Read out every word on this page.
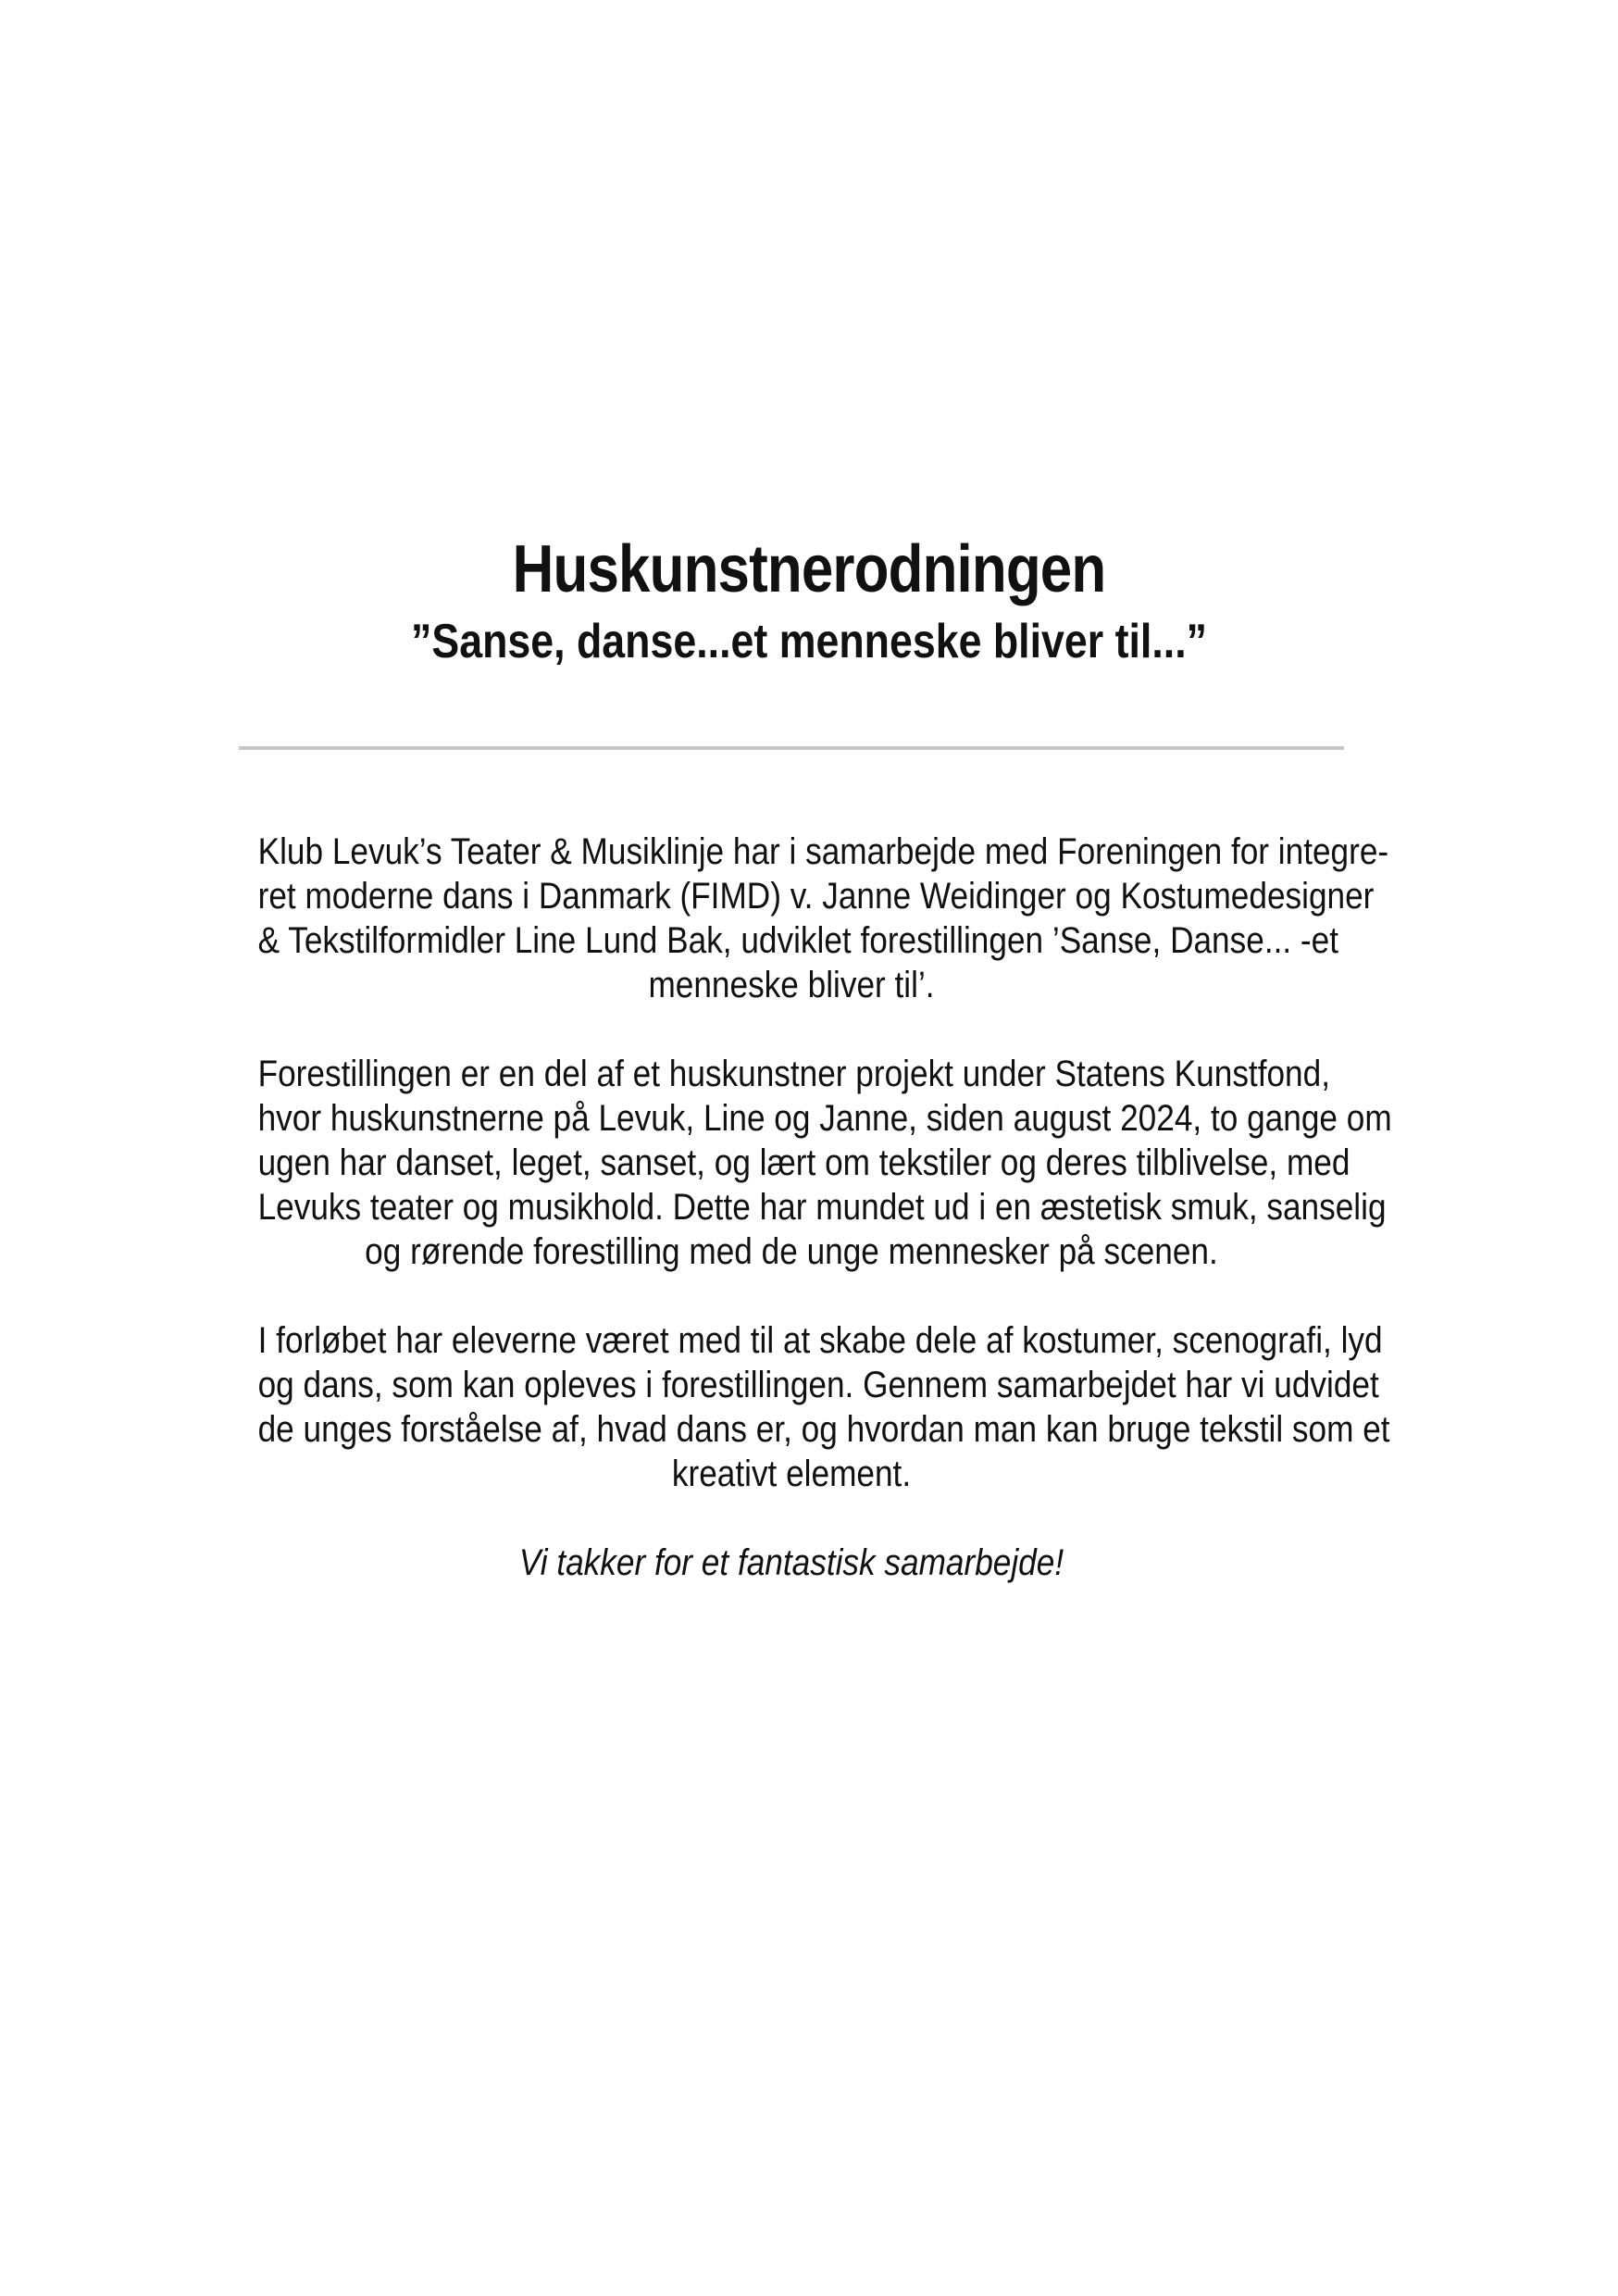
Huskunstnerodningen
”Sanse, danse...et menneske bliver til...”

Klub Levuk’s Teater & Musiklinje har i samarbejde med Foreningen for integre-
ret moderne dans i Danmark (FIMD) v. Janne Weidinger og Kostumedesigner
& Tekstilformidler Line Lund Bak, udviklet forestillingen ’Sanse, Danse... -et
menneske bliver til’.

Forestillingen er en del af et huskunstner projekt under Statens Kunstfond,
hvor huskunstnerne på Levuk, Line og Janne, siden august 2024, to gange om
ugen har danset, leget, sanset, og lært om tekstiler og deres tilblivelse, med
Levuks teater og musikhold. Dette har mundet ud i en æstetisk smuk, sanselig
og rørende forestilling med de unge mennesker på scenen.

I forløbet har eleverne været med til at skabe dele af kostumer, scenografi, lyd
og dans, som kan opleves i forestillingen. Gennem samarbejdet har vi udvidet
de unges forståelse af, hvad dans er, og hvordan man kan bruge tekstil som et
kreativt element.

Vi takker for et fantastisk samarbejde!
